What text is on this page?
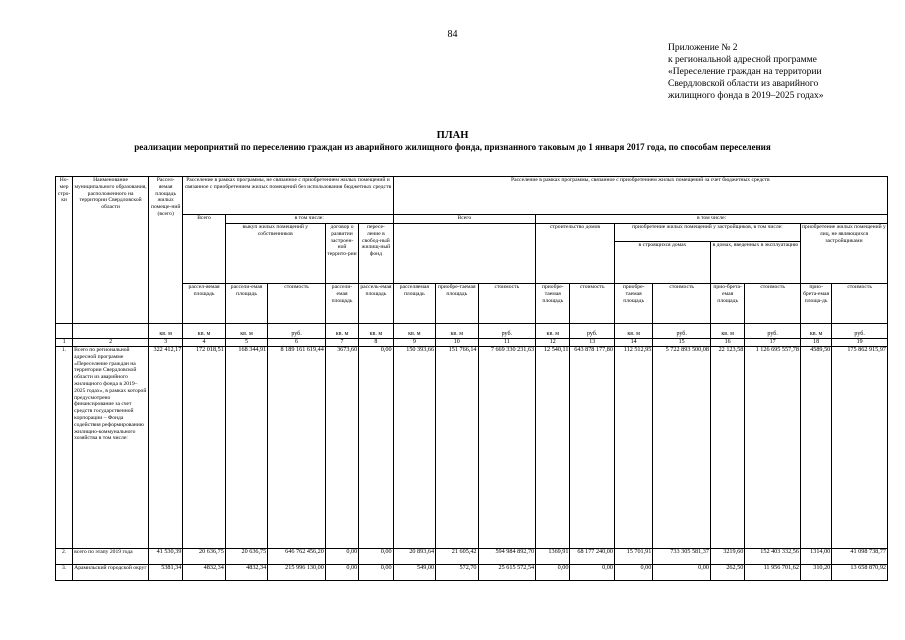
84
Приложение № 2
к региональной адресной программе
«Переселение граждан на территории
Свердловской области из аварийного
жилищного фонда в 2019–2025 годах»
ПЛАН
реализации мероприятий по переселению граждан из аварийного жилищного фонда, признанного таковым до 1 января 2017 года, по способам переселения
Но-мер стро-ки	Наименование муниципального образования, расположенного на территории Свердловской области	Рассел-яемая площадь жилых помеще-ний (всего)	Расселение в рамках программы, не связанное с приобретением жилых помещений и связанное с приобретением жилых помещений без использования бюджетных средств					Расселение в рамках программы, связанное с приобретением жилых помещений за счет бюджетных средств										
			Всего	в том числе:				Всего			в том числе:							
				выкуп жилых помещений у собственников		договор о развитии застроен-ной террито-рии	пересе-ление в свобод-ный жилищ-ный фонд				строительство домов		приобретение жилых помещений у застройщиков, в том числе:				приобретение жилых помещений у лиц, не являющихся застройщиками	
													в строящихся домах		в домах, введенных в эксплуатацию			
			рассел-яемая площадь	рассели-емая площадь	стоимость	рассели-емая площадь	рассель-емая площадь	расселяемая площадь	приобре-таемая площадь	стоимость	приобре-таемая площадь	стоимость	приобре-таемая площадь	стоимость	прио-брета-емая площадь	стоимость	прио-брета-емая площа-дь	стоимость
		кв. м	кв. м	кв. м	руб.	кв. м	кв. м	кв. м	кв. м	руб.	кв. м	руб.	кв. м	руб.	кв. м	руб.	кв. м	руб.
1	2	3	4	5	6	7	8	9	10	11	12	13	14	15	16	17	18	19
1.	Всего по региональной адресной программе «Переселение граждан на территории Свердловской области из аварийного жилищного фонда в 2019–2025 годах», в рамках которой предусмотрено финансирование за счет средств государственной корпорации – Фонда содействия реформированию жилищно-коммунального хозяйства в том числе:	322 412,17	172 018,51	168 344,91	8 189 161 619,44	3673,60	0,00	150 393,66	151 766,14	7 669 330 231,63	12 540,11	643 878 177,80	112 512,95	5 722 893 500,08	22 123,58	1 126 695 557,78	4589,50	175 862 915,97
2.	всего по этапу 2019 года	41 530,39	20 636,75	20 636,75	646 762 456,20	0,00	0,00	20 893,64	21 605,42	594 984 892,70	1369,91	68 177 240,00	15 701,91	733 305 581,37	3219,60	152 403 332,56	1314,00	41 098 738,77
3.	Арамильский городской округ	5381,34	4832,34	4832,34	215 996 130,00	0,00	0,00	549,00	572,70	25 615 572,54	0,00	0,00	0,00	0,00	262,50	11 956 701,62	310,20	13 658 870,92
